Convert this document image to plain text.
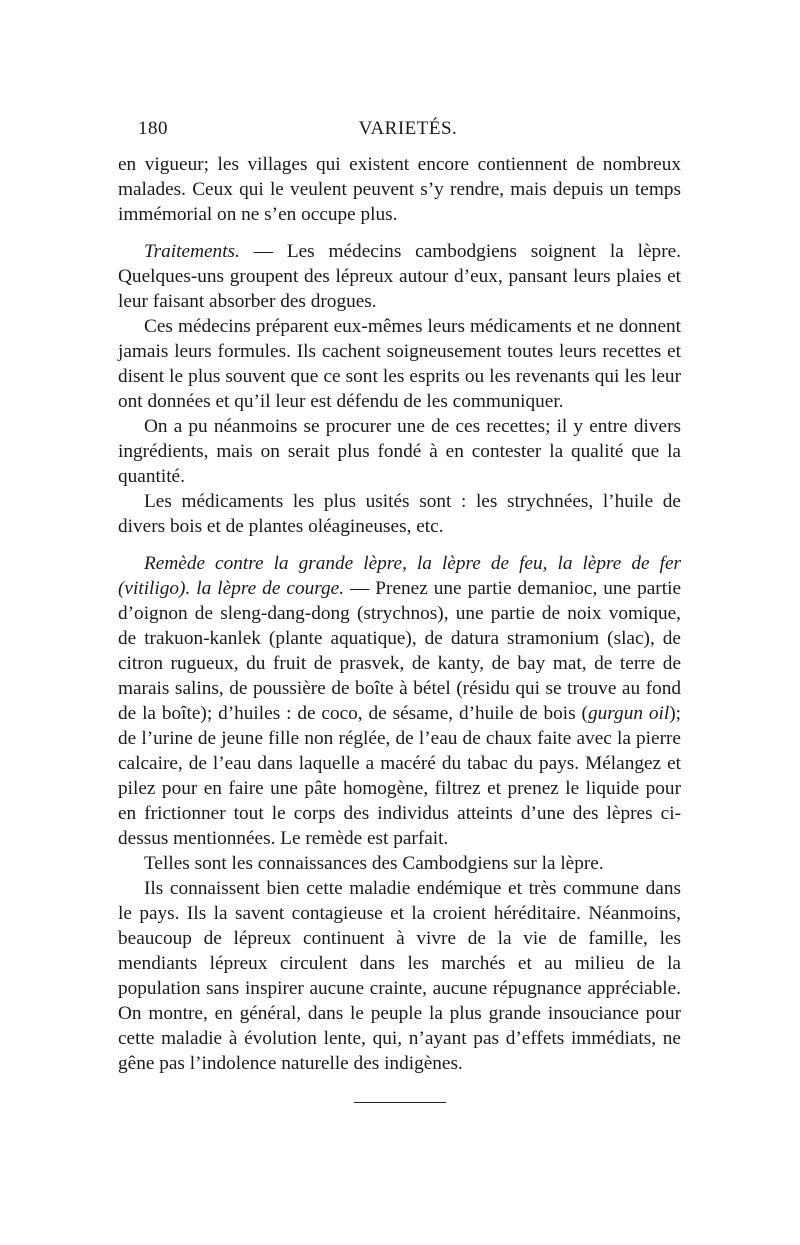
180	VARIETÉS.

en vigueur; les villages qui existent encore contiennent de nombreux malades. Ceux qui le veulent peuvent s’y rendre, mais depuis un temps immémorial on ne s’en occupe plus.

Traitements. — Les médecins cambodgiens soignent la lèpre. Quelques-uns groupent des lépreux autour d’eux, pansant leurs plaies et leur faisant absorber des drogues.

Ces médecins préparent eux-mêmes leurs médicaments et ne donnent jamais leurs formules. Ils cachent soigneusement toutes leurs recettes et disent le plus souvent que ce sont les esprits ou les revenants qui les leur ont données et qu’il leur est défendu de les communiquer.

On a pu néanmoins se procurer une de ces recettes; il y entre divers ingrédients, mais on serait plus fondé à en contester la qualité que la quantité.

Les médicaments les plus usités sont : les strychnées, l’huile de divers bois et de plantes oléagineuses, etc.

Remède contre la grande lèpre, la lèpre de feu, la lèpre de fer (vitiligo). la lèpre de courge. — Prenez une partie demanioc, une partie d’oignon de sleng-dang-dong (strychnos), une partie de noix vomique, de trakuon-kanlek (plante aquatique), de datura stramonium (slac), de citron rugueux, du fruit de prasvek, de kanty, de bay mat, de terre de marais salins, de poussière de boîte à bétel (résidu qui se trouve au fond de la boîte); d’huiles : de coco, de sésame, d’huile de bois (gurgun oil); de l’urine de jeune fille non réglée, de l’eau de chaux faite avec la pierre calcaire, de l’eau dans laquelle a macéré du tabac du pays. Mélangez et pilez pour en faire une pâte homogène, filtrez et prenez le liquide pour en frictionner tout le corps des individus atteints d’une des lèpres ci-dessus mentionnées. Le remède est parfait.

Telles sont les connaissances des Cambodgiens sur la lèpre.

Ils connaissent bien cette maladie endémique et très commune dans le pays. Ils la savent contagieuse et la croient héréditaire. Néanmoins, beaucoup de lépreux continuent à vivre de la vie de famille, les mendiants lépreux circulent dans les marchés et au milieu de la population sans inspirer aucune crainte, aucune répugnance appréciable. On montre, en général, dans le peuple la plus grande insouciance pour cette maladie à évolution lente, qui, n’ayant pas d’effets immédiats, ne gêne pas l’indolence naturelle des indigènes.
